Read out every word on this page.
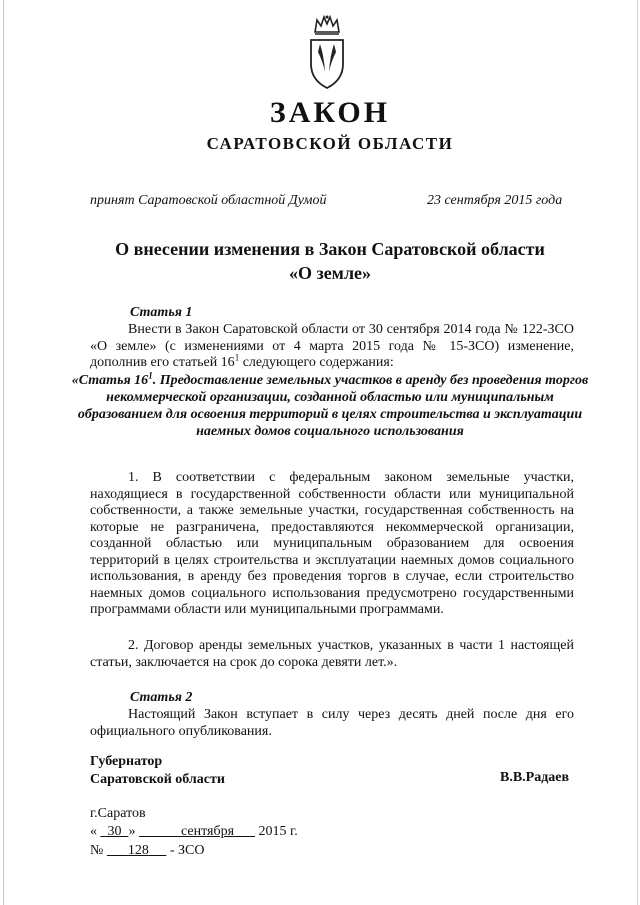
ЗАКОН
САРАТОВСКОЙ ОБЛАСТИ
принят Саратовской областной Думой	23 сентября 2015 года
О внесении изменения в Закон Саратовской области
«О земле»
Статья 1
Внести в Закон Саратовской области от 30 сентября 2014 года № 122-ЗСО «О земле» (с изменениями от 4 марта 2015 года № 15-ЗСО) изменение, дополнив его статьей $16^1$ следующего содержания:
«Статья $16^1$. Предоставление земельных участков в аренду без проведения торгов некоммерческой организации, созданной областью или муниципальным образованием для освоения территорий в целях строительства и эксплуатации наемных домов социального использования
1. В соответствии с федеральным законом земельные участки, находящиеся в государственной собственности области или муниципальной собственности, а также земельные участки, государственная собственность на которые не разграничена, предоставляются некоммерческой организации, созданной областью или муниципальным образованием для освоения территорий в целях строительства и эксплуатации наемных домов социального использования, в аренду без проведения торгов в случае, если строительство наемных домов социального использования предусмотрено государственными программами области или муниципальными программами.
2. Договор аренды земельных участков, указанных в части 1 настоящей статьи, заключается на срок до сорока девяти лет.».
Статья 2
Настоящий Закон вступает в силу через десять дней после дня его официального опубликования.
Губернатор
Саратовской области	В.В.Радаев
г.Саратов
«   30 »	сентября 2015 г.
№ 128 - ЗСО
